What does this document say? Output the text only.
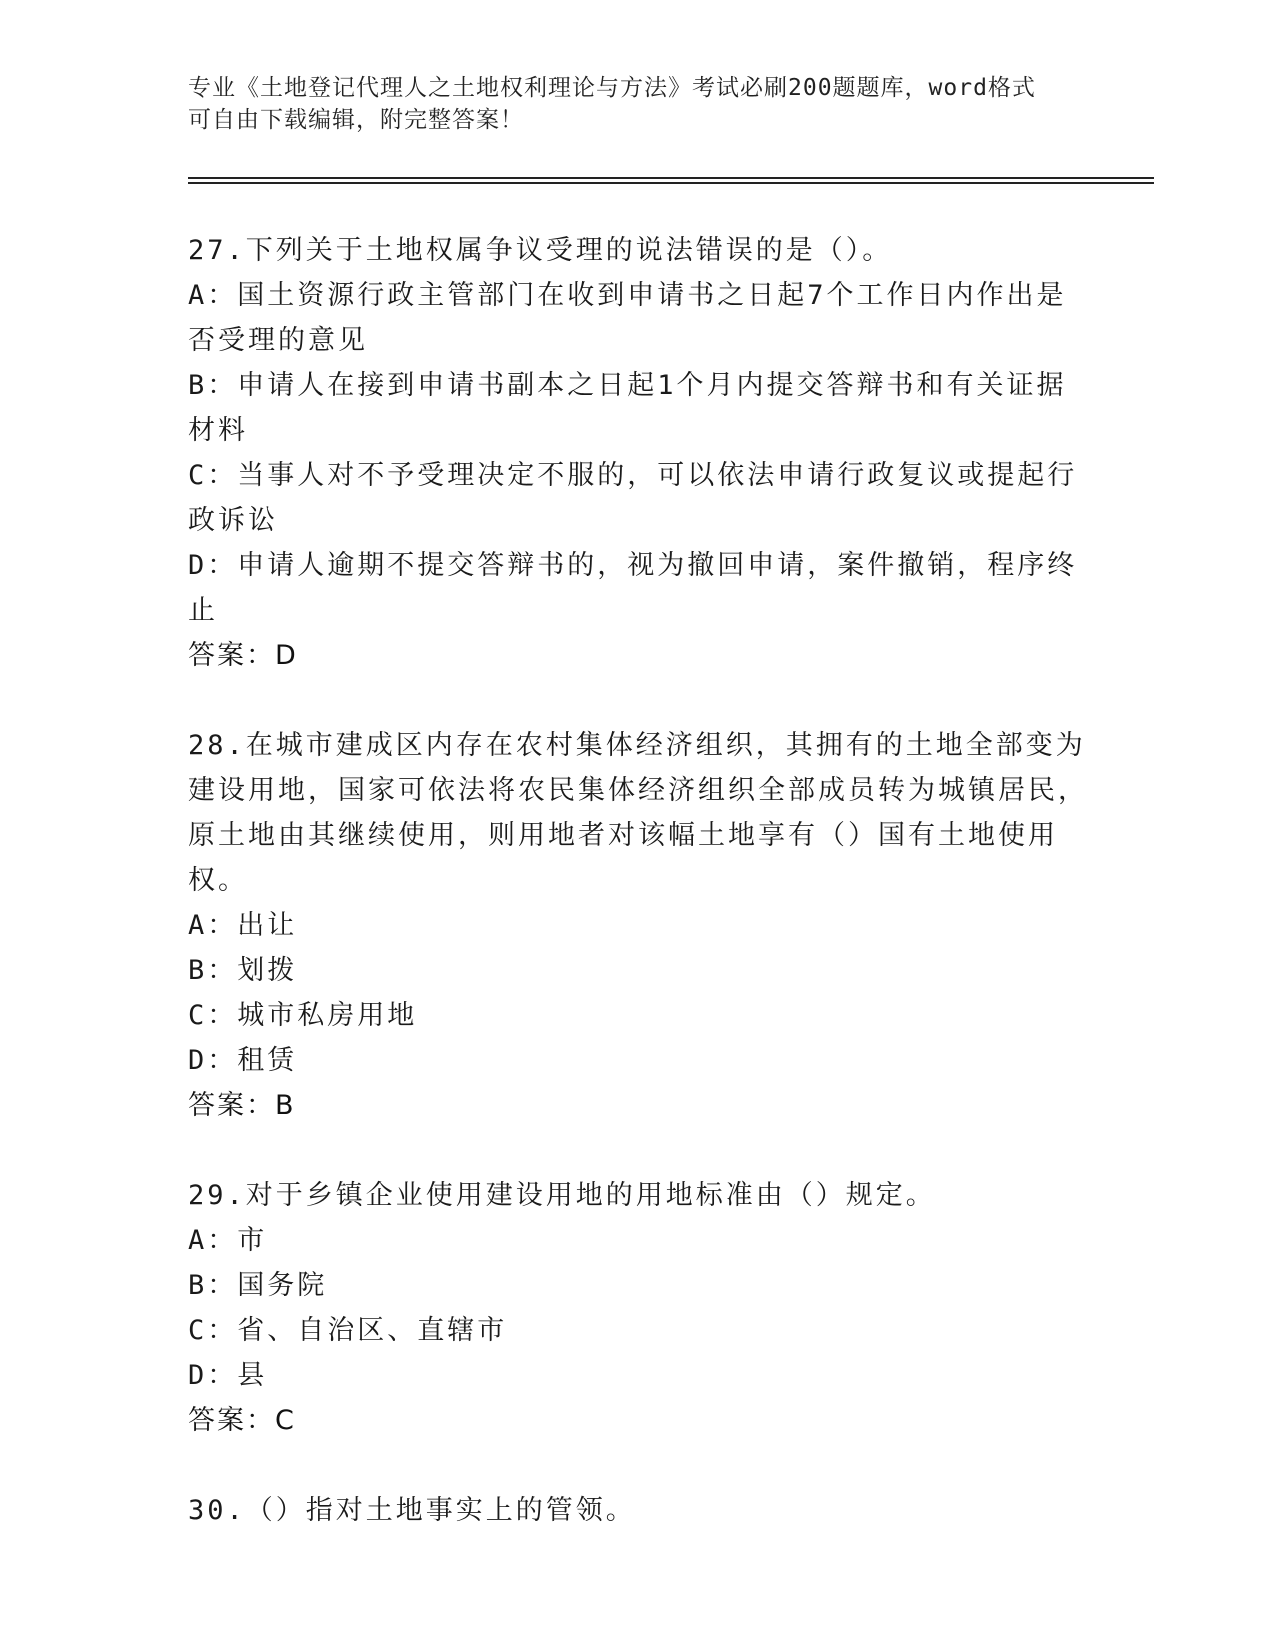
专业《土地登记代理人之土地权利理论与方法》考试必刷200题题库，word格式
可自由下载编辑，附完整答案！

27.下列关于土地权属争议受理的说法错误的是（）。

A：国土资源行政主管部门在收到申请书之日起7个工作日内作出是否受理的意见

B：申请人在接到申请书副本之日起1个月内提交答辩书和有关证据材料

C：当事人对不予受理决定不服的，可以依法申请行政复议或提起行政诉讼

D：申请人逾期不提交答辩书的，视为撤回申请，案件撤销，程序终止

答案：D

28.在城市建成区内存在农村集体经济组织，其拥有的土地全部变为建设用地，国家可依法将农民集体经济组织全部成员转为城镇居民，原土地由其继续使用，则用地者对该幅土地享有（）国有土地使用权。

A：出让

B：划拨

C：城市私房用地

D：租赁

答案：B

29.对于乡镇企业使用建设用地的用地标准由（）规定。

A：市

B：国务院

C：省、自治区、直辖市

D：县

答案：C

30.（）指对土地事实上的管领。
